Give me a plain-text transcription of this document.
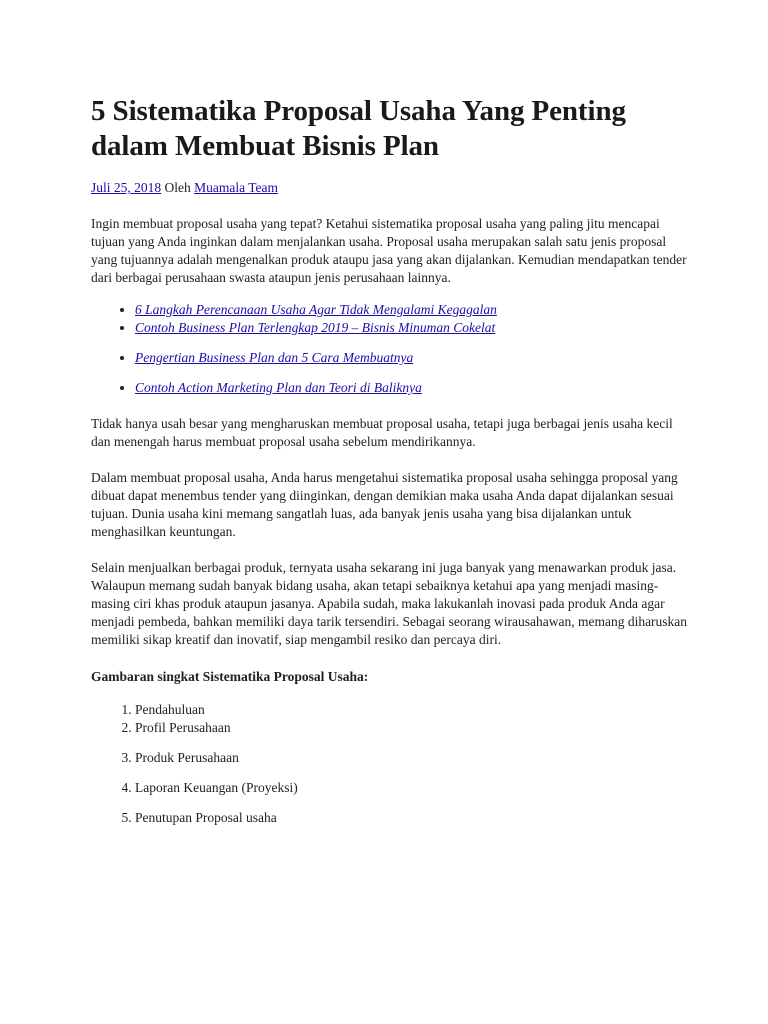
5 Sistematika Proposal Usaha Yang Penting dalam Membuat Bisnis Plan
Juli 25, 2018 Oleh Muamala Team

Ingin membuat proposal usaha yang tepat? Ketahui sistematika proposal usaha yang paling jitu mencapai tujuan yang Anda inginkan dalam menjalankan usaha. Proposal usaha merupakan salah satu jenis proposal yang tujuannya adalah mengenalkan produk ataupu jasa yang akan dijalankan. Kemudian mendapatkan tender dari berbagai perusahaan swasta ataupun jenis perusahaan lainnya.

• 6 Langkah Perencanaan Usaha Agar Tidak Mengalami Kegagalan
• Contoh Business Plan Terlengkap 2019 – Bisnis Minuman Cokelat
• Pengertian Business Plan dan 5 Cara Membuatnya
• Contoh Action Marketing Plan dan Teori di Baliknya

Tidak hanya usah besar yang mengharuskan membuat proposal usaha, tetapi juga berbagai jenis usaha kecil dan menengah harus membuat proposal usaha sebelum mendirikannya.

Dalam membuat proposal usaha, Anda harus mengetahui sistematika proposal usaha sehingga proposal yang dibuat dapat menembus tender yang diinginkan, dengan demikian maka usaha Anda dapat dijalankan sesuai tujuan. Dunia usaha kini memang sangatlah luas, ada banyak jenis usaha yang bisa dijalankan untuk menghasilkan keuntungan.

Selain menjualkan berbagai produk, ternyata usaha sekarang ini juga banyak yang menawarkan produk jasa. Walaupun memang sudah banyak bidang usaha, akan tetapi sebaiknya ketahui apa yang menjadi masing-masing ciri khas produk ataupun jasanya. Apabila sudah, maka lakukanlah inovasi pada produk Anda agar menjadi pembeda, bahkan memiliki daya tarik tersendiri. Sebagai seorang wirausahawan, memang diharuskan memiliki sikap kreatif dan inovatif, siap mengambil resiko dan percaya diri.

Gambaran singkat Sistematika Proposal Usaha:
1. Pendahuluan
2. Profil Perusahaan
3. Produk Perusahaan
4. Laporan Keuangan (Proyeksi)
5. Penutupan Proposal usaha
